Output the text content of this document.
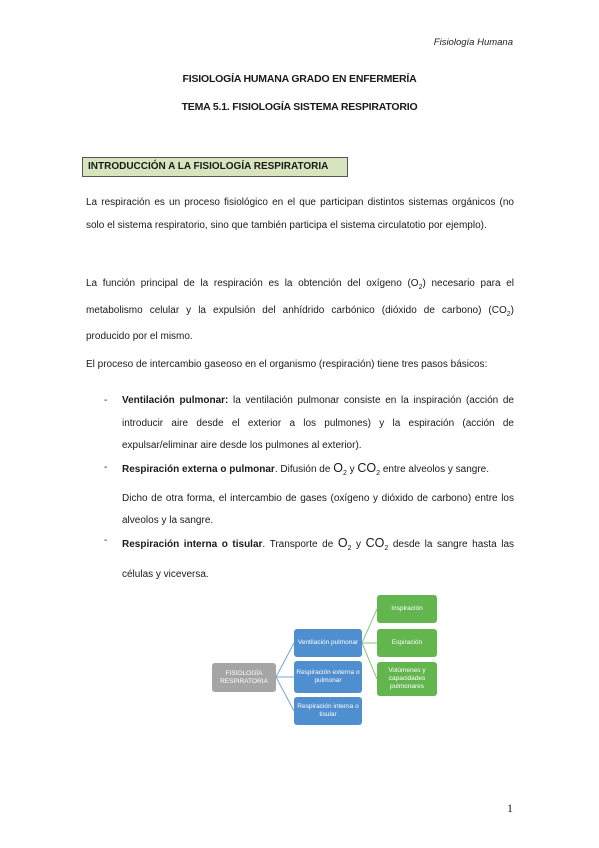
Fisiología Humana
FISIOLOGÍA HUMANA GRADO EN ENFERMERÍA
TEMA 5.1. FISIOLOGÍA SISTEMA RESPIRATORIO
INTRODUCCIÓN A LA FISIOLOGÍA RESPIRATORIA

La respiración es un proceso fisiológico en el que participan distintos sistemas orgánicos (no solo el sistema respiratorio, sino que también participa el sistema circulatotio por ejemplo).

La función principal de la respiración es la obtención del oxígeno $(O_2)$ necesario para el metabolismo celular y la expulsión del anhídrido carbónico (dióxido de carbono) $(CO_2)$ producido por el mismo.

El proceso de intercambio gaseoso en el organismo (respiración) tiene tres pasos básicos:

- Ventilación pulmonar: la ventilación pulmonar consiste en la inspiración (acción de introducir aire desde el exterior a los pulmones) y la espiración (acción de expulsar/eliminar aire desde los pulmones al exterior).
- Respiración externa o pulmonar. Difusión de $O_2$ y $CO_2$ entre alveolos y sangre.
Dicho de otra forma, el intercambio de gases (oxígeno y dióxido de carbono) entre los alveolos y la sangre.
- Respiración interna o tisular. Transporte de $O_2$ y $CO_2$ desde la sangre hasta las células y viceversa.
FISIOLOGÍA RESPIRATORIA
Ventilación pulmonar
Respiración externa o pulmonar
Respiración interna o tisular
Inspiración
Espiración
Volúmenes y capacidades pulmonares
1
